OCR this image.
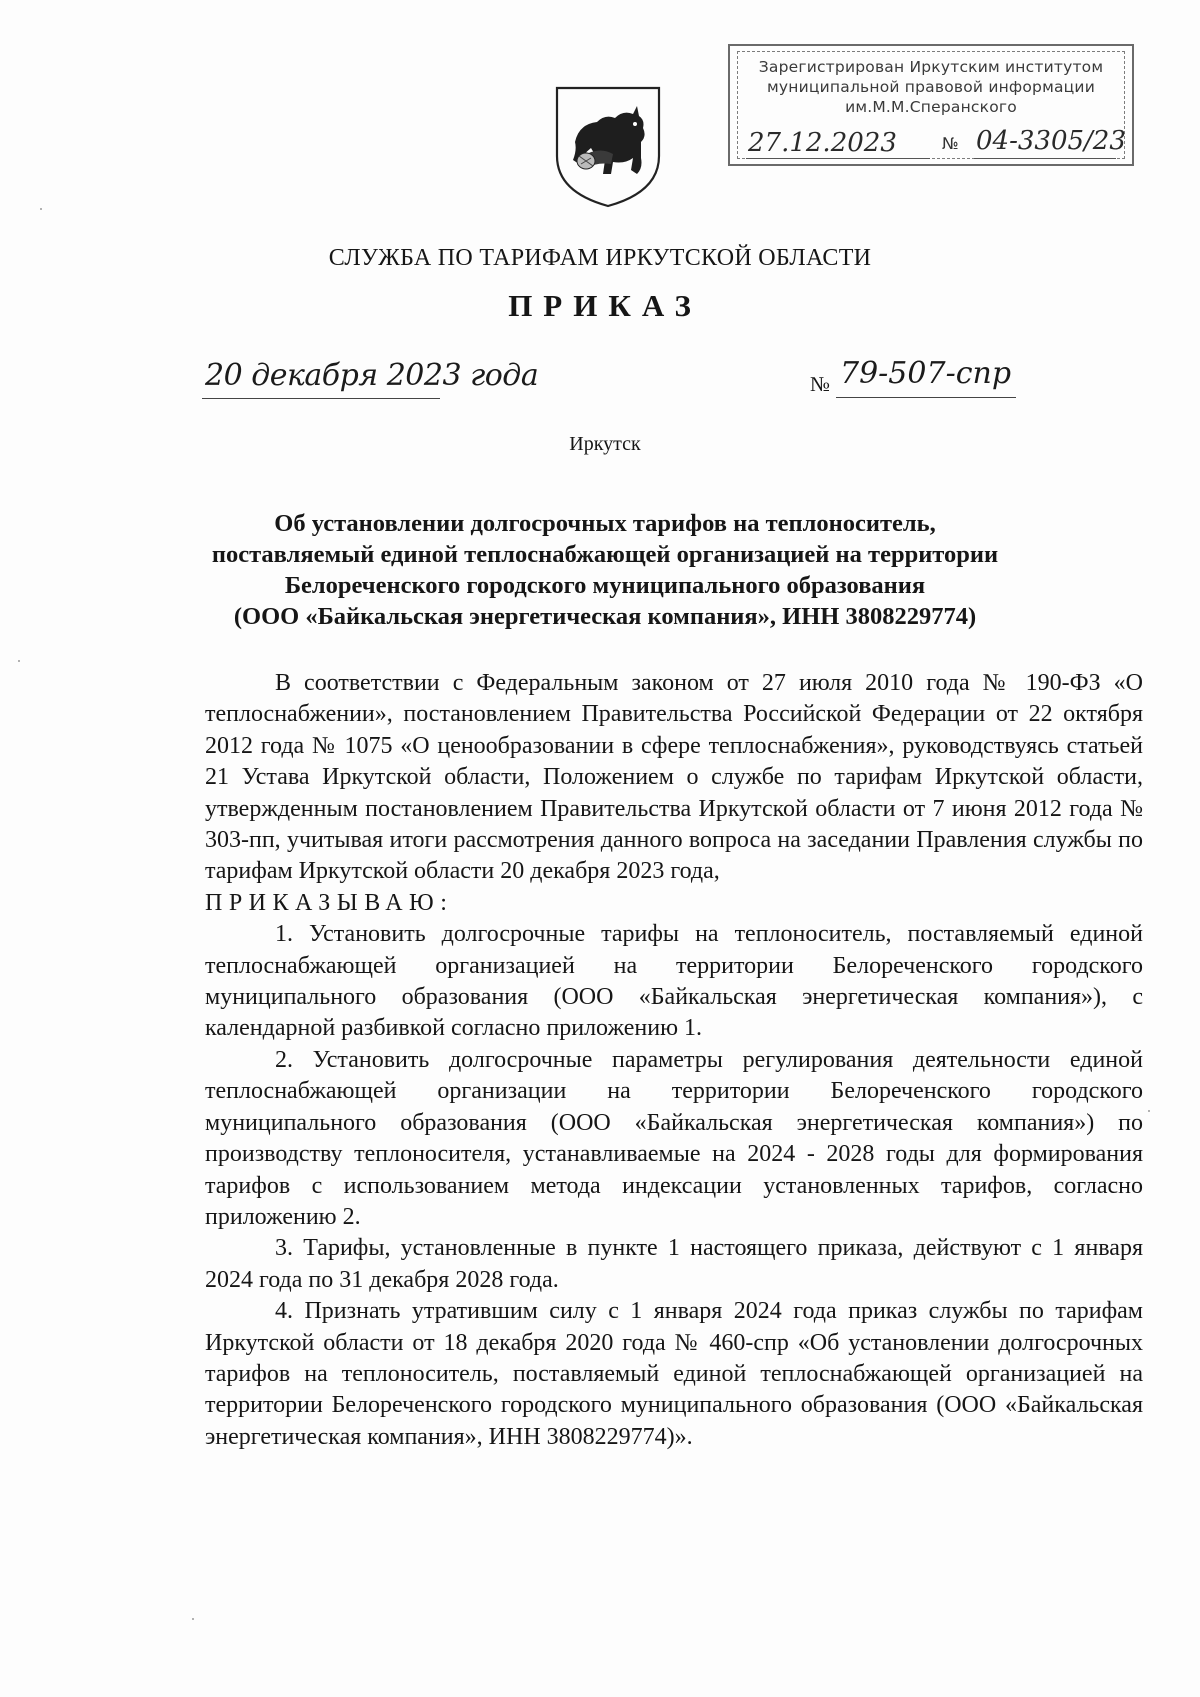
Зарегистрирован Иркутским институтом
муниципальной правовой информации
им.М.М.Сперанского
27.12.2023	№ 04-3305/23
СЛУЖБА ПО ТАРИФАМ ИРКУТСКОЙ ОБЛАСТИ
ПРИКАЗ
20 декабря 2023 года	№ 79-507-спр
Иркутск
Об установлении долгосрочных тарифов на теплоноситель,
поставляемый единой теплоснабжающей организацией на территории
Белореченского городского муниципального образования
(ООО «Байкальская энергетическая компания», ИНН 3808229774)

В соответствии с Федеральным законом от 27 июля 2010 года № 190-ФЗ «О теплоснабжении», постановлением Правительства Российской Федерации от 22 октября 2012 года № 1075 «О ценообразовании в сфере теплоснабжения», руководствуясь статьей 21 Устава Иркутской области, Положением о службе по тарифам Иркутской области, утвержденным постановлением Правительства Иркутской области от 7 июня 2012 года № 303-пп, учитывая итоги рассмотрения данного вопроса на заседании Правления службы по тарифам Иркутской области 20 декабря 2023 года,

ПРИКАЗЫВАЮ:

1. Установить долгосрочные тарифы на теплоноситель, поставляемый единой теплоснабжающей организацией на территории Белореченского городского муниципального образования (ООО «Байкальская энергетическая компания»), с календарной разбивкой согласно приложению 1.

2. Установить долгосрочные параметры регулирования деятельности единой теплоснабжающей организации на территории Белореченского городского муниципального образования (ООО «Байкальская энергетическая компания») по производству теплоносителя, устанавливаемые на 2024 - 2028 годы для формирования тарифов с использованием метода индексации установленных тарифов, согласно приложению 2.

3. Тарифы, установленные в пункте 1 настоящего приказа, действуют с 1 января 2024 года по 31 декабря 2028 года.

4. Признать утратившим силу с 1 января 2024 года приказ службы по тарифам Иркутской области от 18 декабря 2020 года № 460-спр «Об установлении долгосрочных тарифов на теплоноситель, поставляемый единой теплоснабжающей организацией на территории Белореченского городского муниципального образования (ООО «Байкальская энергетическая компания», ИНН 3808229774)».
